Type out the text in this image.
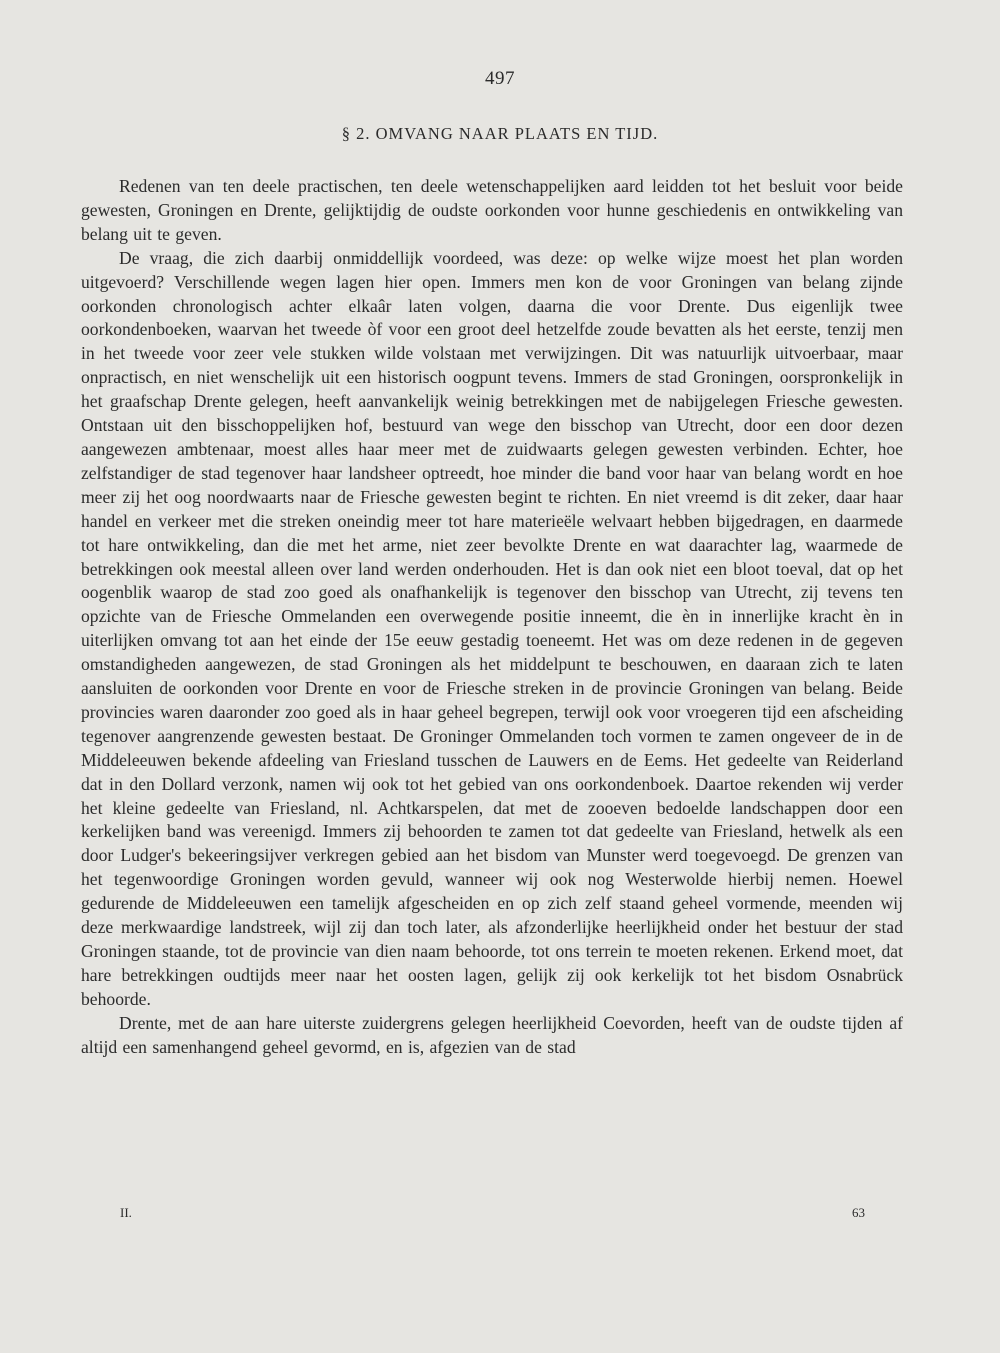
497
§ 2. OMVANG NAAR PLAATS EN TIJD.

Redenen van ten deele practischen, ten deele wetenschappelijken aard leidden tot het besluit voor beide gewesten, Groningen en Drente, gelijktijdig de oudste oorkonden voor hunne geschiedenis en ontwikkeling van belang uit te geven.

De vraag, die zich daarbij onmiddellijk voordeed, was deze: op welke wijze moest het plan worden uitgevoerd? Verschillende wegen lagen hier open. Immers men kon de voor Groningen van belang zijnde oorkonden chronologisch achter elkaâr laten volgen, daarna die voor Drente. Dus eigenlijk twee oorkondenboeken, waarvan het tweede òf voor een groot deel hetzelfde zoude bevatten als het eerste, tenzij men in het tweede voor zeer vele stukken wilde volstaan met verwijzingen. Dit was natuurlijk uitvoerbaar, maar onpractisch, en niet wenschelijk uit een historisch oogpunt tevens. Immers de stad Groningen, oorspronkelijk in het graafschap Drente gelegen, heeft aanvankelijk weinig betrekkingen met de nabijgelegen Friesche gewesten. Ontstaan uit den bisschoppelijken hof, bestuurd van wege den bisschop van Utrecht, door een door dezen aangewezen ambtenaar, moest alles haar meer met de zuidwaarts gelegen gewesten verbinden. Echter, hoe zelfstandiger de stad tegenover haar landsheer optreedt, hoe minder die band voor haar van belang wordt en hoe meer zij het oog noordwaarts naar de Friesche gewesten begint te richten. En niet vreemd is dit zeker, daar haar handel en verkeer met die streken oneindig meer tot hare materieële welvaart hebben bijgedragen, en daarmede tot hare ontwikkeling, dan die met het arme, niet zeer bevolkte Drente en wat daarachter lag, waarmede de betrekkingen ook meestal alleen over land werden onderhouden. Het is dan ook niet een bloot toeval, dat op het oogenblik waarop de stad zoo goed als onafhankelijk is tegenover den bisschop van Utrecht, zij tevens ten opzichte van de Friesche Ommelanden een overwegende positie inneemt, die èn in innerlijke kracht èn in uiterlijken omvang tot aan het einde der 15e eeuw gestadig toeneemt. Het was om deze redenen in de gegeven omstandigheden aangewezen, de stad Groningen als het middelpunt te beschouwen, en daaraan zich te laten aansluiten de oorkonden voor Drente en voor de Friesche streken in de provincie Groningen van belang. Beide provincies waren daaronder zoo goed als in haar geheel begrepen, terwijl ook voor vroegeren tijd een afscheiding tegenover aangrenzende gewesten bestaat. De Groninger Ommelanden toch vormen te zamen ongeveer de in de Middeleeuwen bekende afdeeling van Friesland tusschen de Lauwers en de Eems. Het gedeelte van Reiderland dat in den Dollard verzonk, namen wij ook tot het gebied van ons oorkondenboek. Daartoe rekenden wij verder het kleine gedeelte van Friesland, nl. Achtkarspelen, dat met de zooeven bedoelde landschappen door een kerkelijken band was vereenigd. Immers zij behoorden te zamen tot dat gedeelte van Friesland, hetwelk als een door Ludger's bekeeringsijver verkregen gebied aan het bisdom van Munster werd toegevoegd. De grenzen van het tegenwoordige Groningen worden gevuld, wanneer wij ook nog Westerwolde hierbij nemen. Hoewel gedurende de Middeleeuwen een tamelijk afgescheiden en op zich zelf staand geheel vormende, meenden wij deze merkwaardige landstreek, wijl zij dan toch later, als afzonderlijke heerlijkheid onder het bestuur der stad Groningen staande, tot de provincie van dien naam behoorde, tot ons terrein te moeten rekenen. Erkend moet, dat hare betrekkingen oudtijds meer naar het oosten lagen, gelijk zij ook kerkelijk tot het bisdom Osnabrück behoorde.

Drente, met de aan hare uiterste zuidergrens gelegen heerlijkheid Coevorden, heeft van de oudste tijden af altijd een samenhangend geheel gevormd, en is, afgezien van de stad

II.	63
